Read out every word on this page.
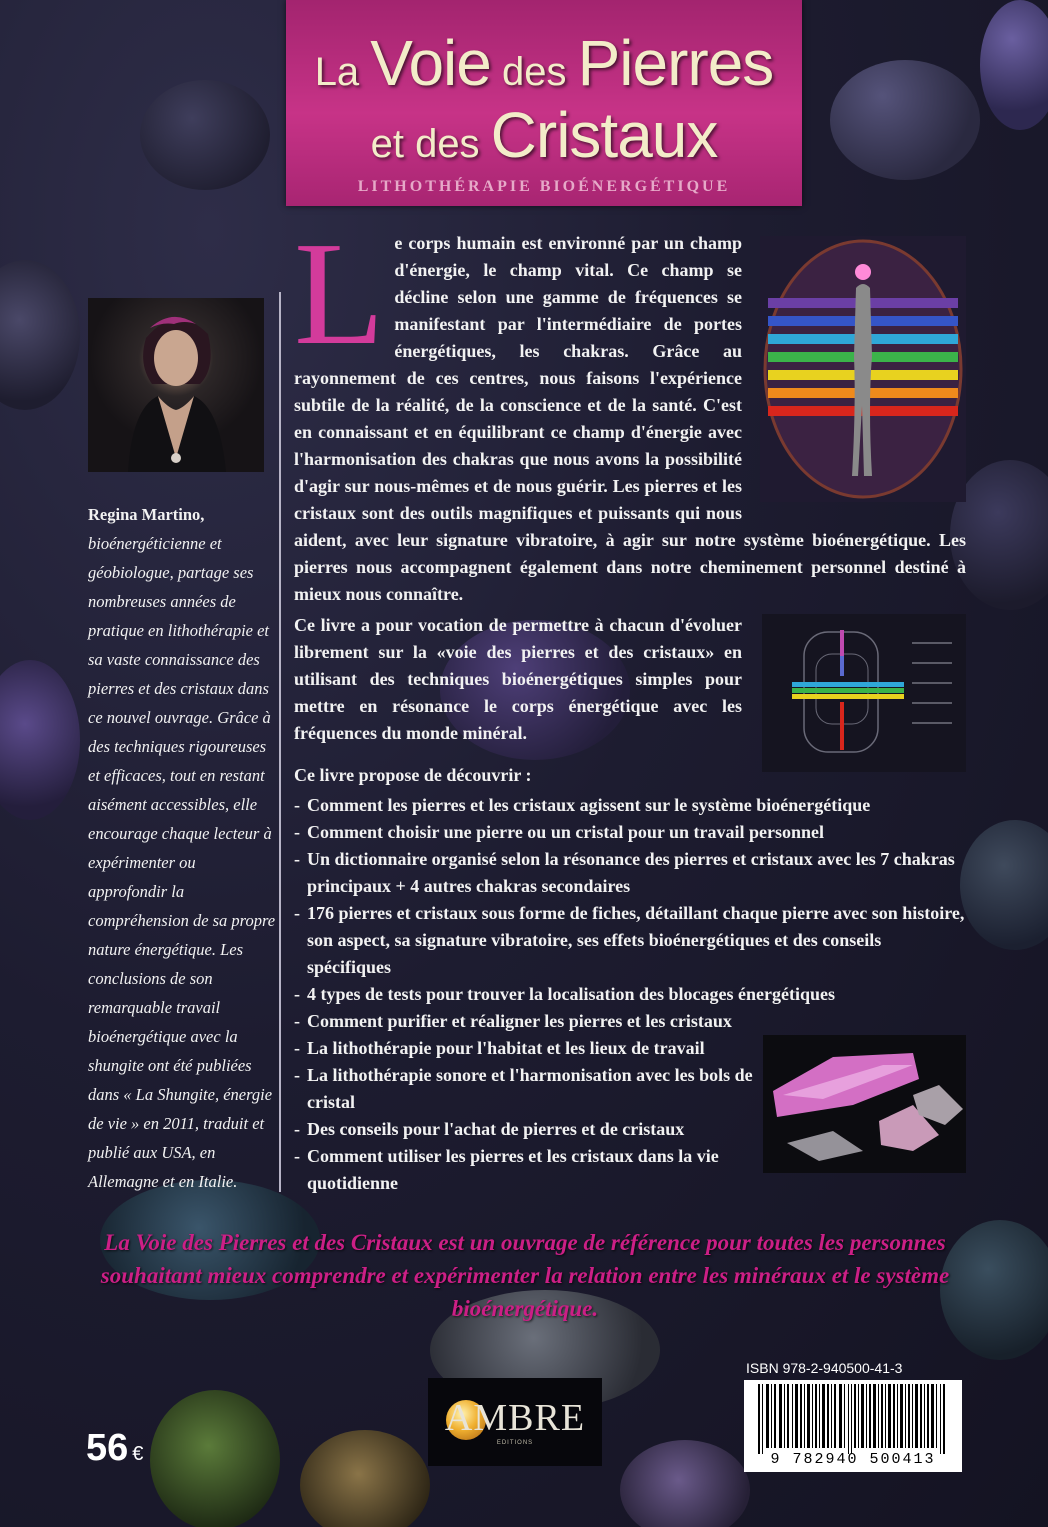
La Voie des Pierres
et des Cristaux
LITHOTHÉRAPIE BIOÉNERGÉTIQUE
Regina Martino, bioénergéticienne et géobiologue, partage ses nombreuses années de pratique en lithothérapie et sa vaste connaissance des pierres et des cristaux dans ce nouvel ouvrage. Grâce à des techniques rigoureuses et efficaces, tout en restant aisément accessibles, elle encourage chaque lecteur à expérimenter ou approfondir la compréhension de sa propre nature énergétique. Les conclusions de son remarquable travail bioénergétique avec la shungite ont été publiées dans « La Shungite, énergie de vie » en 2011, traduit et publié aux USA, en Allemagne et en Italie.
L e corps humain est environné par un champ d'énergie, le champ vital. Ce champ se décline selon une gamme de fréquences se manifestant par l'intermédiaire de portes énergétiques, les chakras. Grâce au rayonnement de ces centres, nous faisons l'expérience subtile de la réalité, de la conscience et de la santé. C'est en connaissant et en équilibrant ce champ d'énergie avec l'harmonisation des chakras que nous avons la possibilité d'agir sur nous-mêmes et de nous guérir. Les pierres et les cristaux sont des outils magnifiques et puissants qui nous aident, avec leur signature vibratoire, à agir sur notre système bioénergétique. Les pierres nous accompagnent également dans notre cheminement personnel destiné à mieux nous connaître.
Ce livre a pour vocation de permettre à chacun d'évoluer librement sur la «voie des pierres et des cristaux» en utilisant des techniques bioénergétiques simples pour mettre en résonance le corps énergétique avec les fréquences du monde minéral.
Ce livre propose de découvrir :
- Comment les pierres et les cristaux agissent sur le système bioénergétique
- Comment choisir une pierre ou un cristal pour un travail personnel
- Un dictionnaire organisé selon la résonance des pierres et cristaux avec les 7 chakras principaux + 4 autres chakras secondaires
- 176 pierres et cristaux sous forme de fiches, détaillant chaque pierre avec son histoire, son aspect, sa signature vibratoire, ses effets bioénergétiques et des conseils spécifiques
- 4 types de tests pour trouver la localisation des blocages énergétiques
- Comment purifier et réaligner les pierres et les cristaux
- La lithothérapie pour l'habitat et les lieux de travail
- La lithothérapie sonore et l'harmonisation avec les bols de cristal
- Des conseils pour l'achat de pierres et de cristaux
- Comment utiliser les pierres et les cristaux dans la vie quotidienne
La Voie des Pierres et des Cristaux est un ouvrage de référence pour toutes les personnes souhaitant mieux comprendre et expérimenter la relation entre les minéraux et le système bioénergétique.
AMBRE
EDITIONS
ISBN 978-2-940500-41-3
9 782940 500413
56 €
